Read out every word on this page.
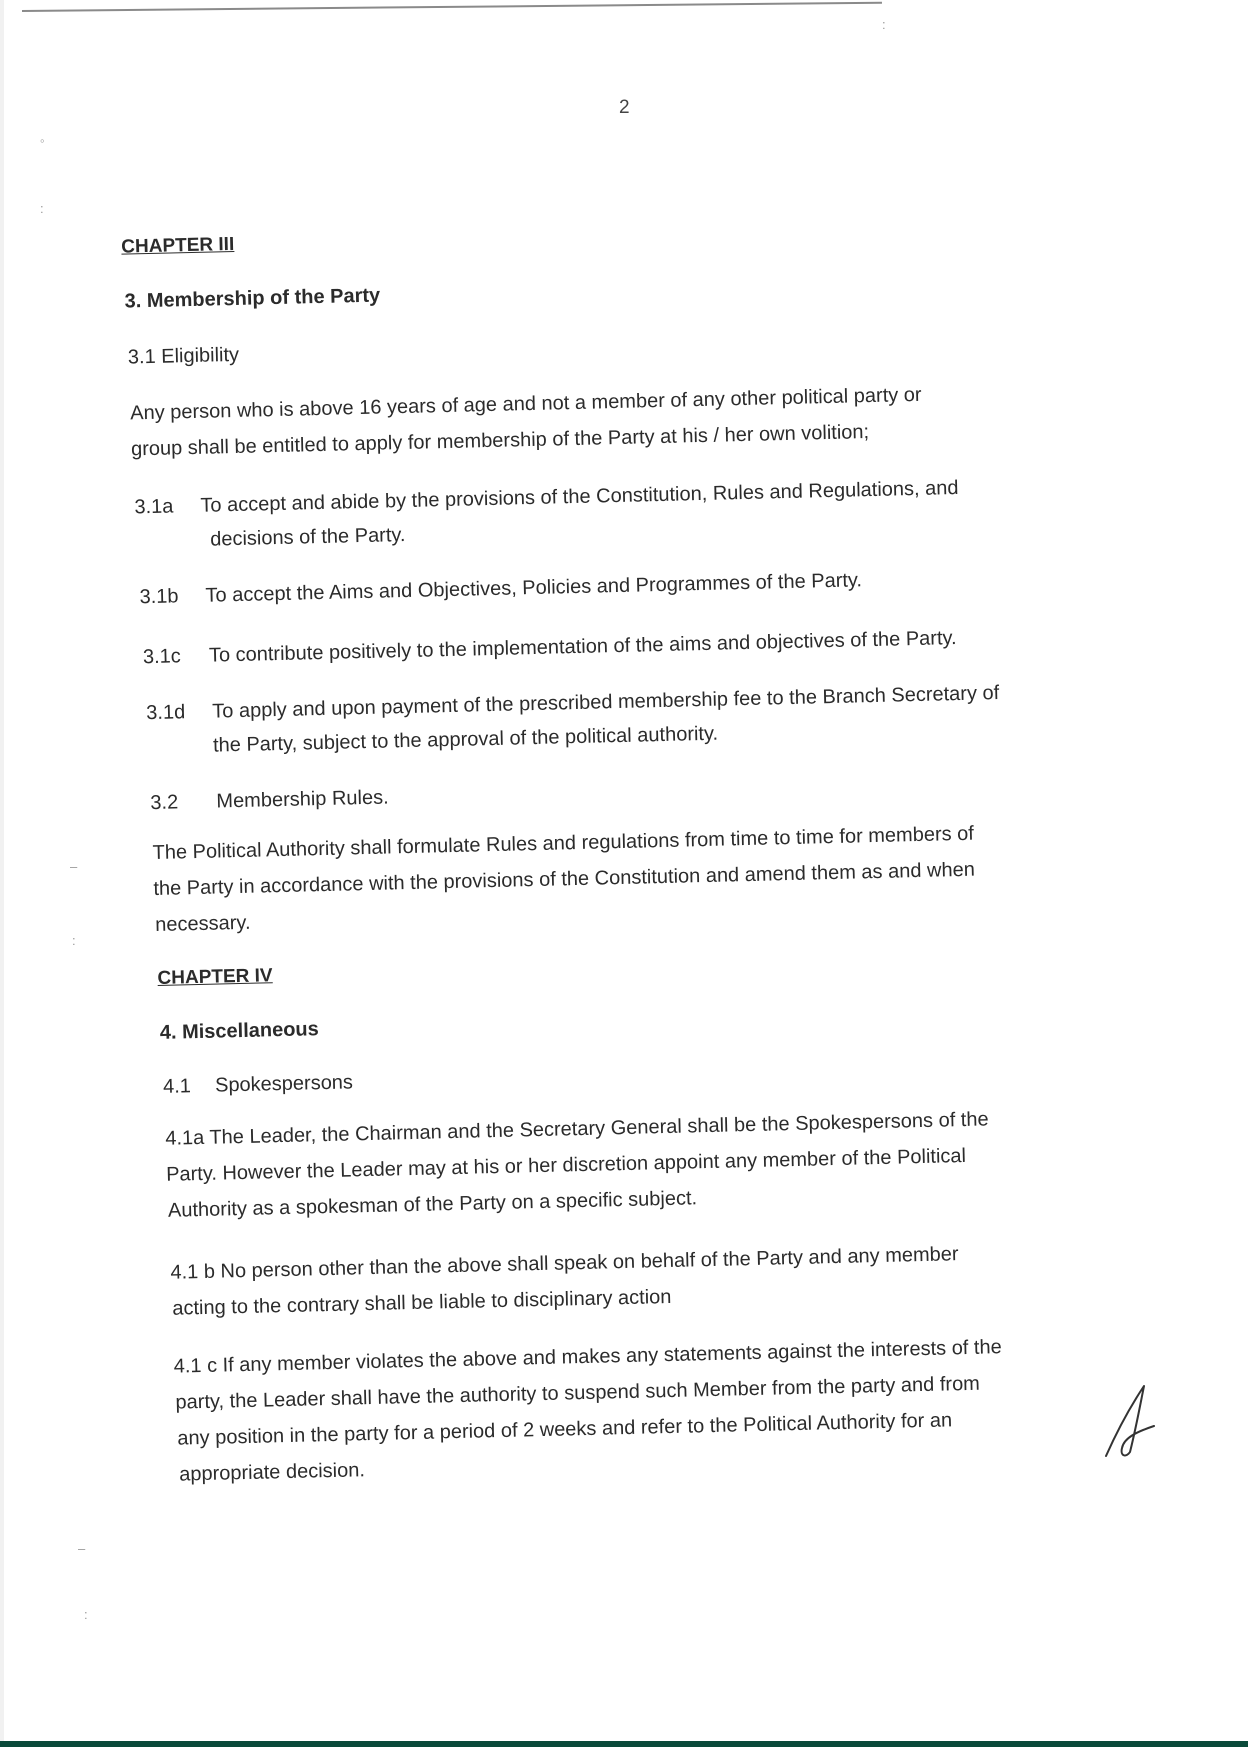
◦
:
–
:
–
:
:
2
CHAPTER III
3. Membership of the Party
3.1 Eligibility
Any person who is above 16 years of age and not a member of any other political party or
group shall be entitled to apply for membership of the Party at his / her own volition;
3.1a To accept and abide by the provisions of the Constitution, Rules and Regulations, and
decisions of the Party.
3.1b To accept the Aims and Objectives, Policies and Programmes of the Party.
3.1c To contribute positively to the implementation of the aims and objectives of the Party.
3.1d To apply and upon payment of the prescribed membership fee to the Branch Secretary of
the Party, subject to the approval of the political authority.
3.2 Membership Rules.
The Political Authority shall formulate Rules and regulations from time to time for members of
the Party in accordance with the provisions of the Constitution and amend them as and when
necessary.
CHAPTER IV
4. Miscellaneous
4.1 Spokespersons
4.1a The Leader, the Chairman and the Secretary General shall be the Spokespersons of the
Party. However the Leader may at his or her discretion appoint any member of the Political
Authority as a spokesman of the Party on a specific subject.
4.1 b No person other than the above shall speak on behalf of the Party and any member
acting to the contrary shall be liable to disciplinary action
4.1 c If any member violates the above and makes any statements against the interests of the
party, the Leader shall have the authority to suspend such Member from the party and from
any position in the party for a period of 2 weeks and refer to the Political Authority for an
appropriate decision.
